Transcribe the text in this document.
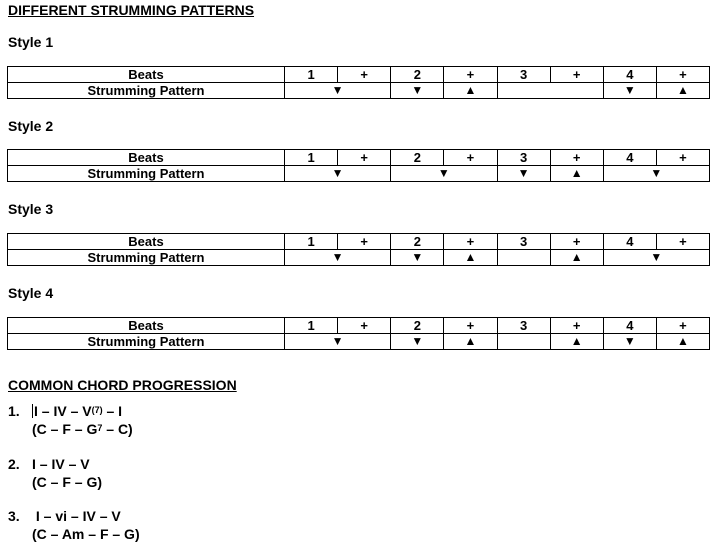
DIFFERENT STRUMMING PATTERNS
Style 1
Beats	1	+	2	+	3	+	4	+
Strumming Pattern	▼		▼	▲			▼	▲
Style 2
Beats	1	+	2	+	3	+	4	+
Strumming Pattern	▼		▼		▼	▲	▼	
Style 3
Beats	1	+	2	+	3	+	4	+
Strumming Pattern	▼		▼	▲		▲	▼	
Style 4
Beats	1	+	2	+	3	+	4	+
Strumming Pattern	▼		▼	▲		▲	▼	▲
COMMON CHORD PROGRESSION
1. I – IV – $V^{(7)}$ – I
(C – F – $G^7 - C$)
2. I – IV – V
(C – F – G)
3. I – vi – IV – V
(C – Am – F – G)
